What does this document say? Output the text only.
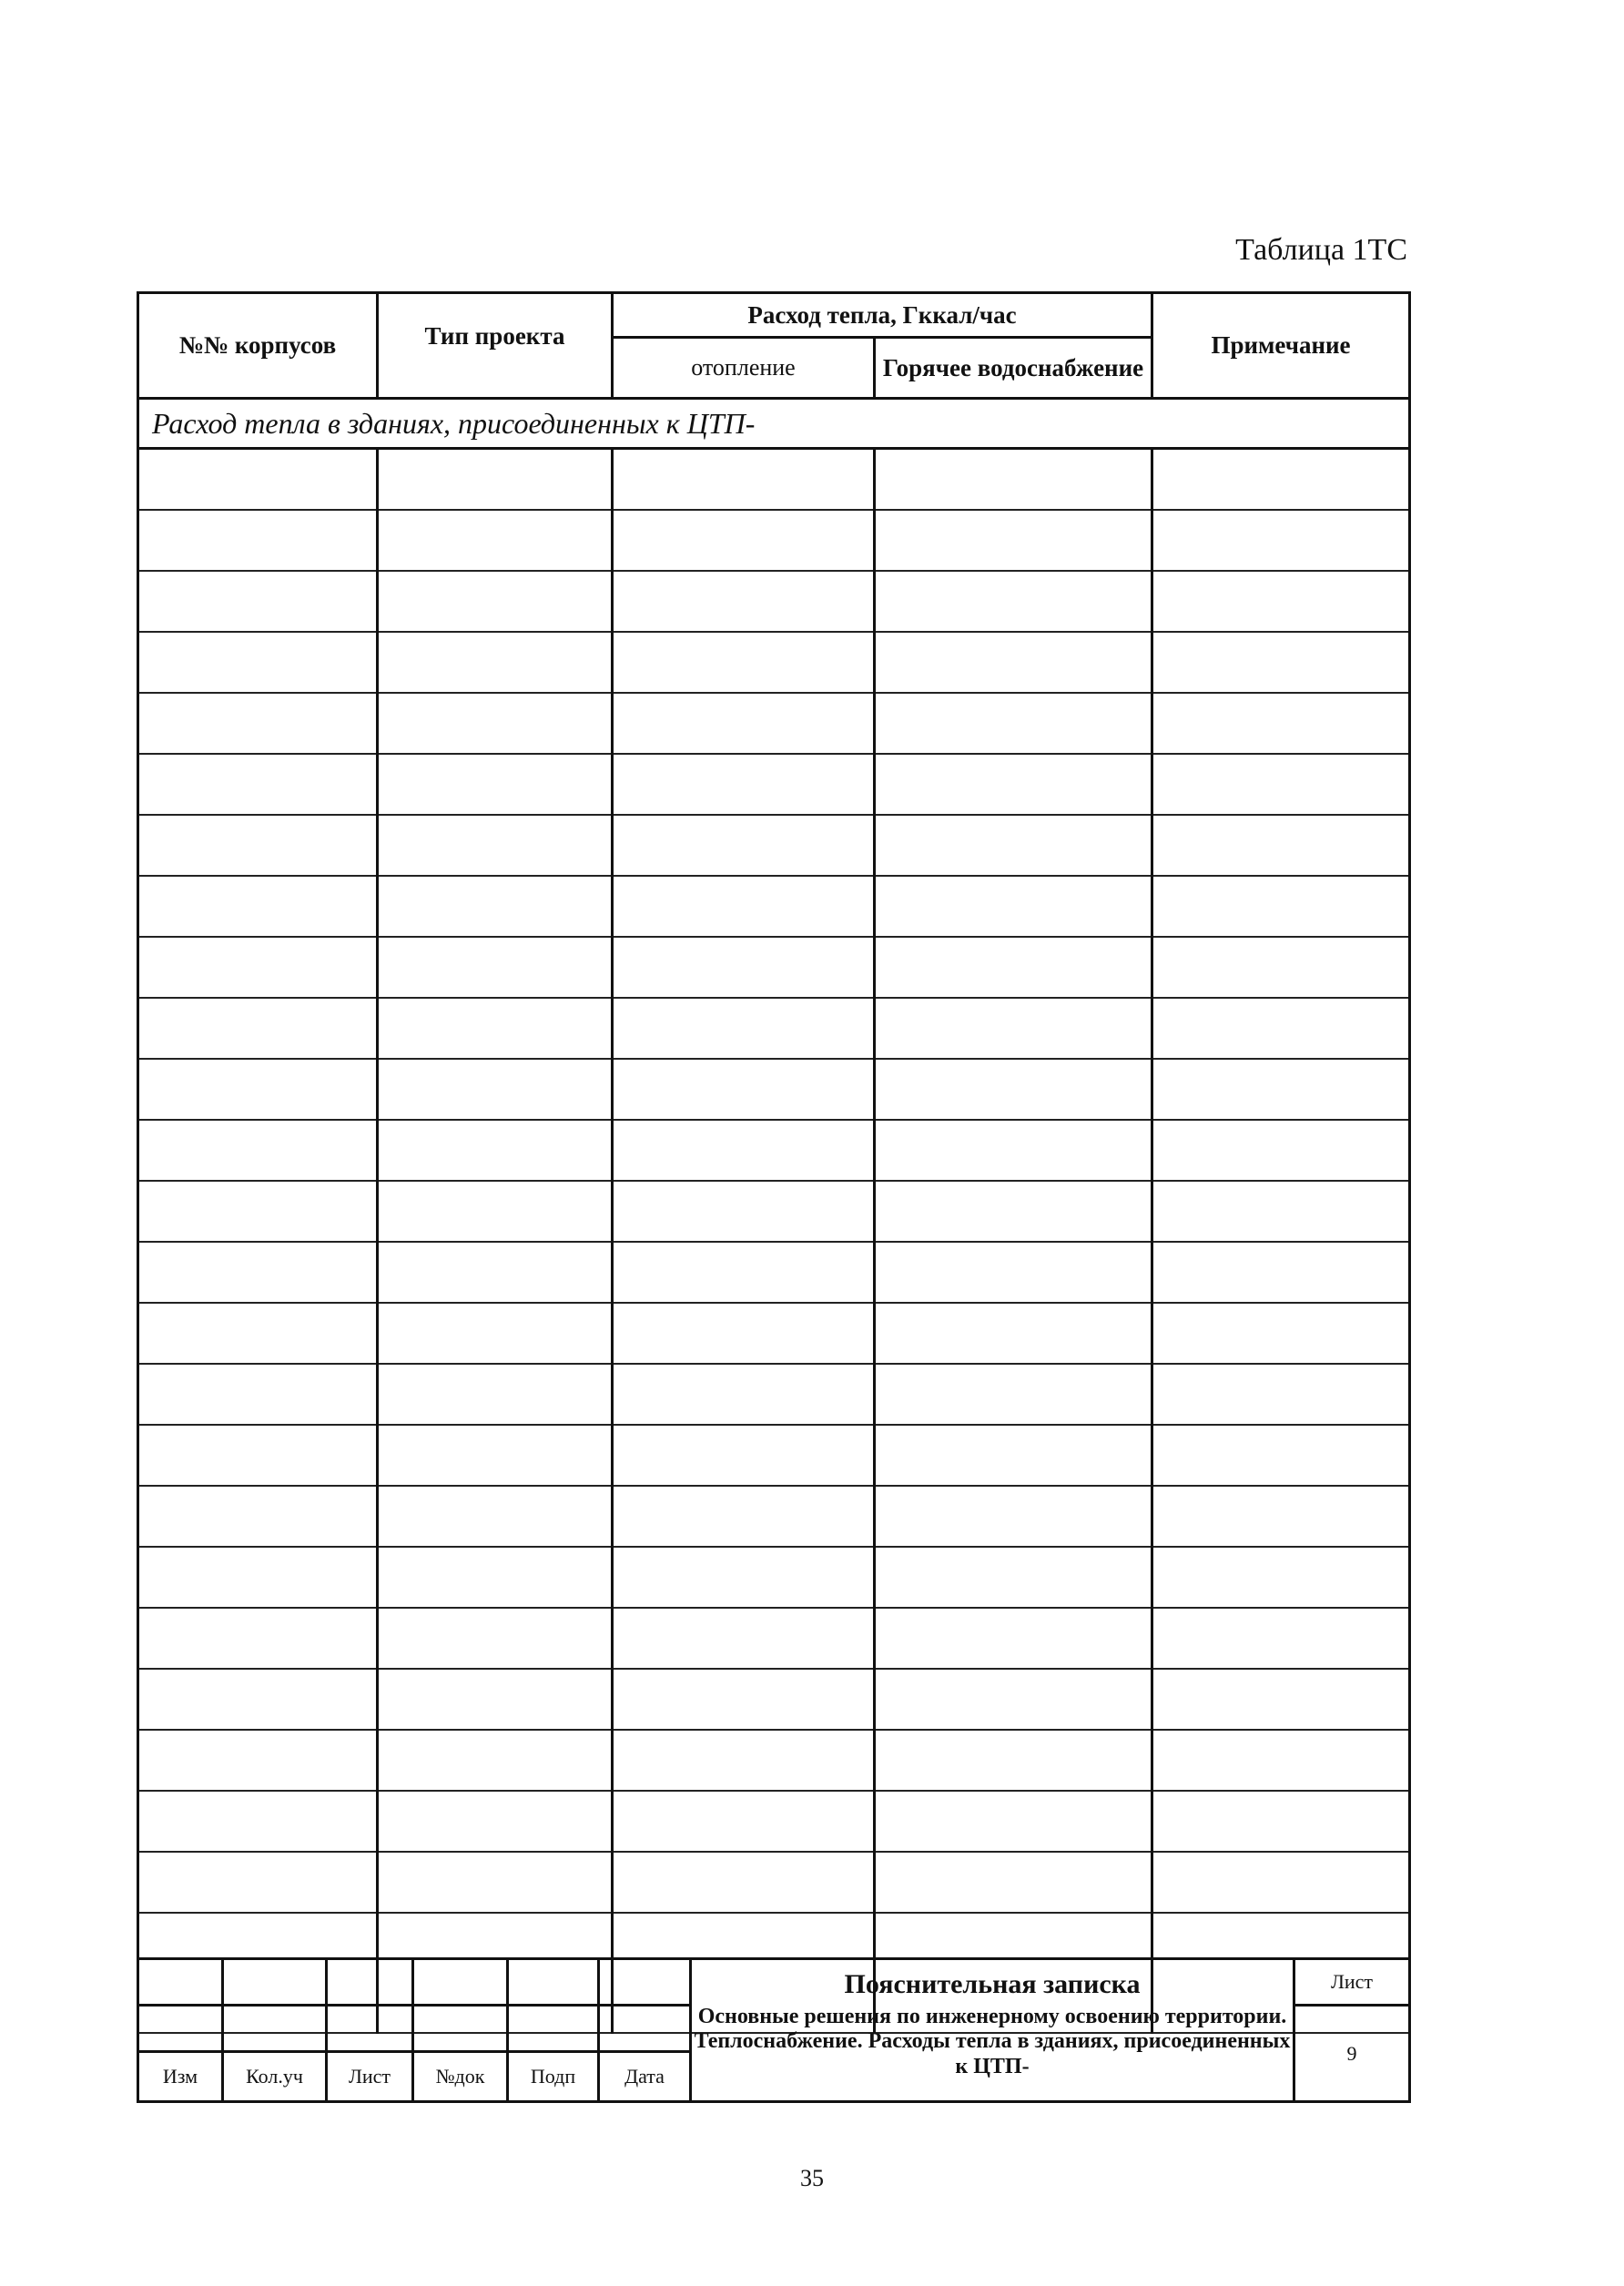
Таблица 1ТС
№№ корпусов	Тип проекта	Расход тепла, Гккал/час		Примечание
		отопление	Горячее водоснабжение	
Расход тепла в зданиях, присоединенных к ЦТП-				

						Пояснительная записка
Основные решения по инженерному освоению территории. Теплоснабжение. Расходы тепла в зданиях, присоединенных к ЦТП-	Лист
							9
Изм	Кол.уч	Лист	№док	Подп	Дата		
35
